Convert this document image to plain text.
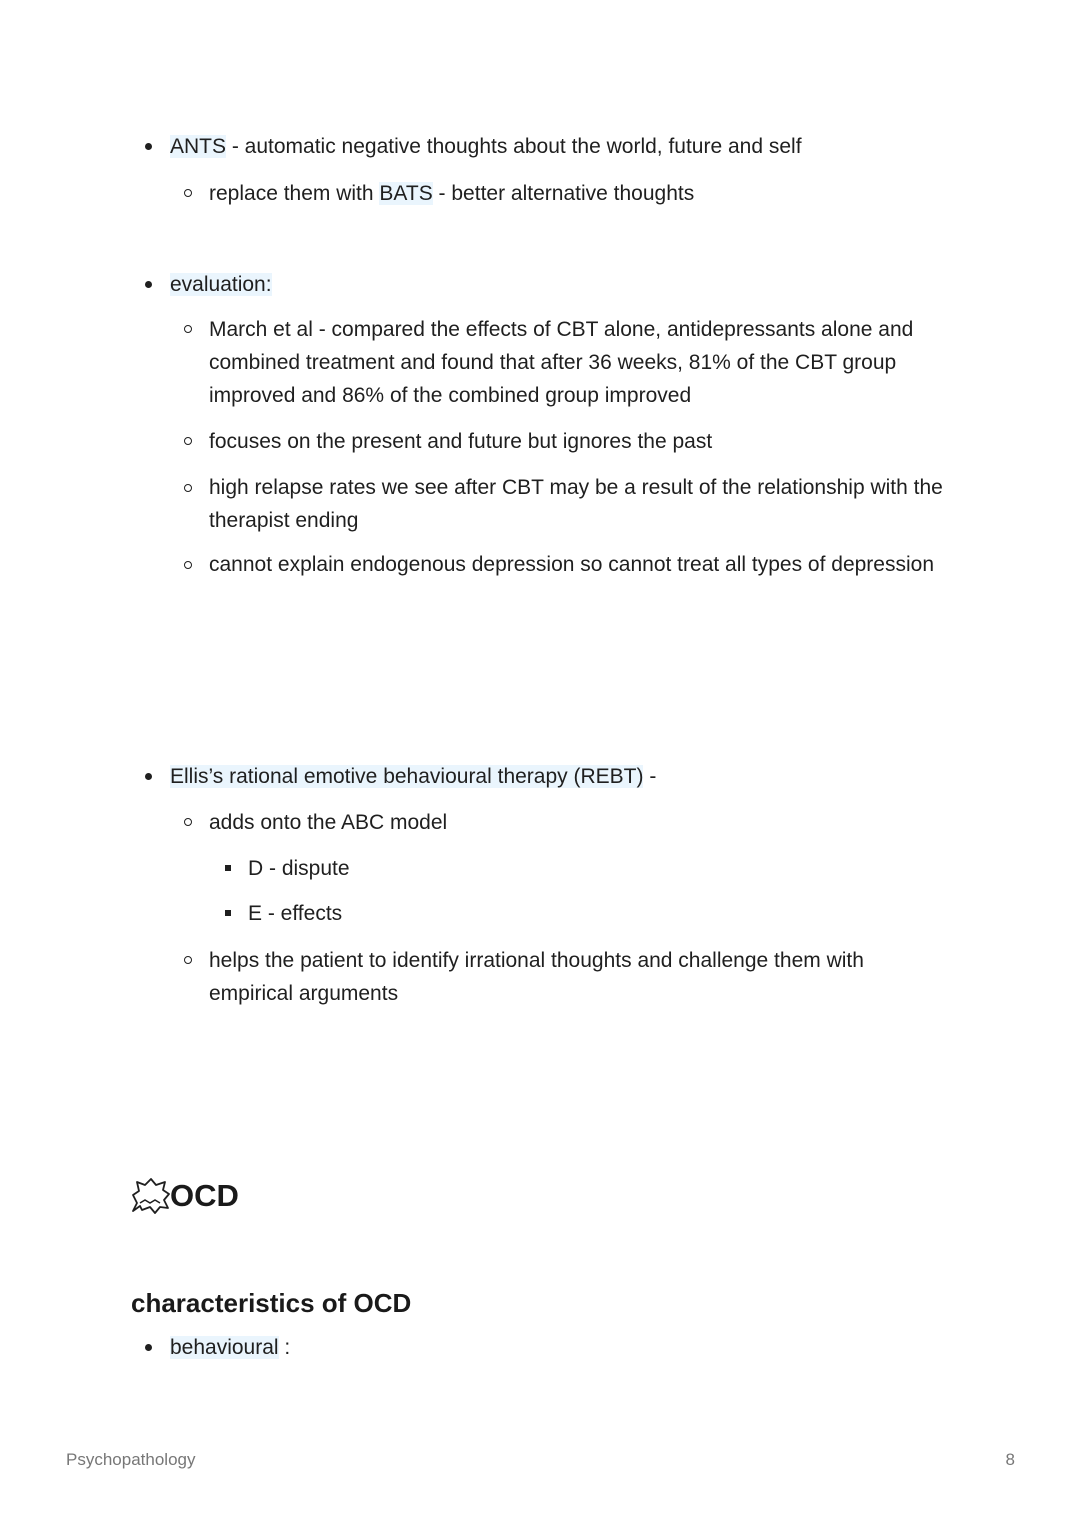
ANTS - automatic negative thoughts about the world, future and self
replace them with BATS - better alternative thoughts
evaluation:
March et al - compared the effects of CBT alone, antidepressants alone and combined treatment and found that after 36 weeks, 81% of the CBT group improved and 86% of the combined group improved
focuses on the present and future but ignores the past
high relapse rates we see after CBT may be a result of the relationship with the therapist ending
cannot explain endogenous depression so cannot treat all types of depression
Ellis’s rational emotive behavioural therapy (REBT) -
adds onto the ABC model
D - dispute
E - effects
helps the patient to identify irrational thoughts and challenge them with empirical arguments
OCD
characteristics of OCD
behavioural :
Psychopathology	8
